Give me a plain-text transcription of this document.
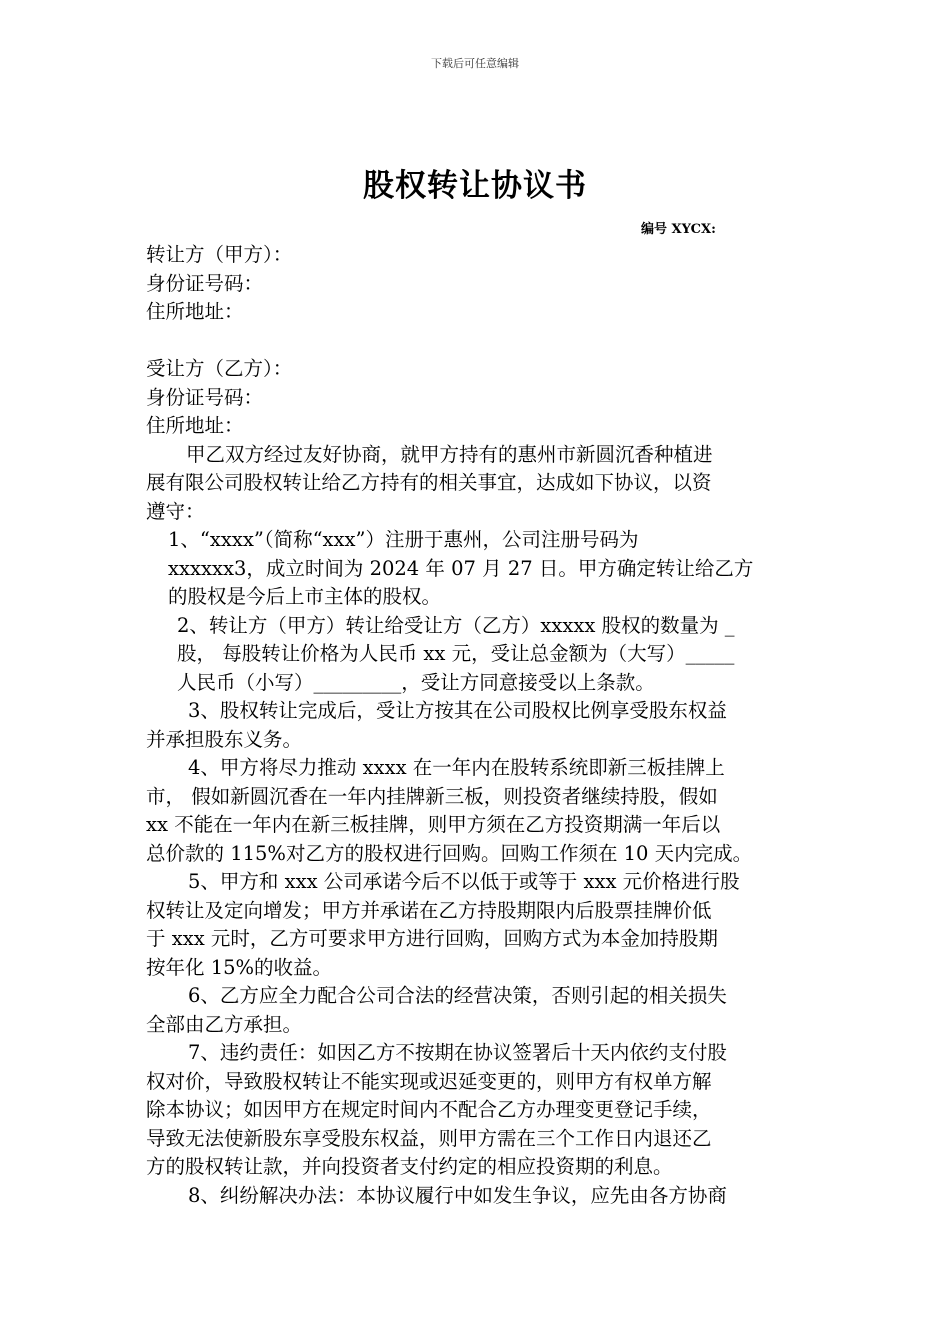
下载后可任意编辑
股权转让协议书
编号 XYCX:
转让方（甲方）：
身份证号码：
住所地址：
受让方（乙方）：
身份证号码：
住所地址：
甲乙双方经过友好协商，就甲方持有的惠州市新圆沉香种植进
展有限公司股权转让给乙方持有的相关事宜，达成如下协议，以资
遵守：
1、“xxxx”（简称“xxx”）注册于惠州，公司注册号码为
xxxxxx3，成立时间为 2024 年 07 月 27 日。甲方确定转让给乙方
的股权是今后上市主体的股权。
2、转让方（甲方）转让给受让方（乙方）xxxxx 股权的数量为 _
股， 每股转让价格为人民币 xx 元，受让总金额为（大写）_____
人民币（小写）_________，受让方同意接受以上条款。
3、股权转让完成后，受让方按其在公司股权比例享受股东权益
并承担股东义务。
4、甲方将尽力推动 xxxx 在一年内在股转系统即新三板挂牌上
市， 假如新圆沉香在一年内挂牌新三板，则投资者继续持股，假如
xx 不能在一年内在新三板挂牌，则甲方须在乙方投资期满一年后以
总价款的 115%对乙方的股权进行回购。回购工作须在 10 天内完成。
5、甲方和 xxx 公司承诺今后不以低于或等于 xxx 元价格进行股
权转让及定向增发；甲方并承诺在乙方持股期限内后股票挂牌价低
于 xxx 元时，乙方可要求甲方进行回购，回购方式为本金加持股期
按年化 15%的收益。
6、乙方应全力配合公司合法的经营决策，否则引起的相关损失
全部由乙方承担。
7、违约责任：如因乙方不按期在协议签署后十天内依约支付股
权对价，导致股权转让不能实现或迟延变更的，则甲方有权单方解
除本协议；如因甲方在规定时间内不配合乙方办理变更登记手续，
导致无法使新股东享受股东权益，则甲方需在三个工作日内退还乙
方的股权转让款，并向投资者支付约定的相应投资期的利息。
8、纠纷解决办法：本协议履行中如发生争议，应先由各方协商
